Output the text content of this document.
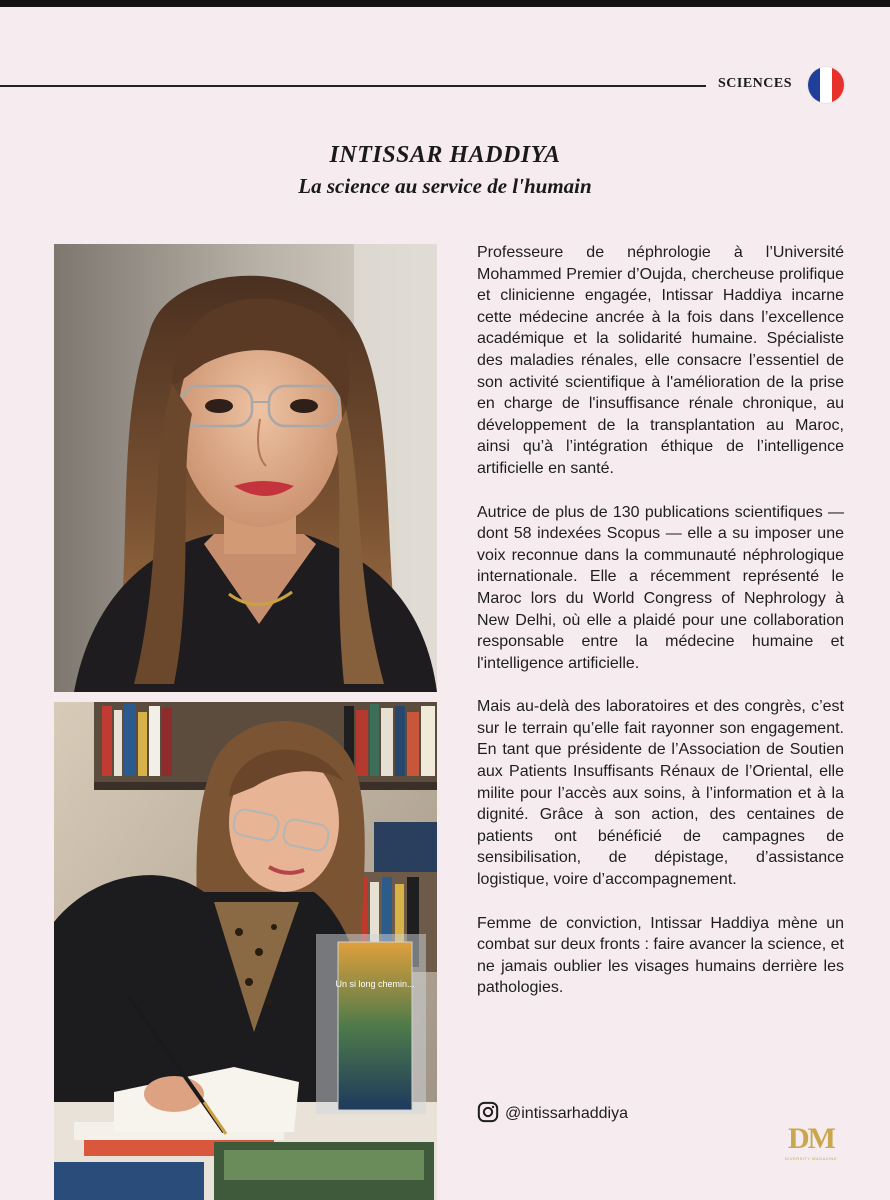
SCIENCES
INTISSAR HADDIYA
La science au service de l'humain
Un si long chemin...

Professeure de néphrologie à l’Université Mohammed Premier d’Oujda, chercheuse prolifique et clinicienne engagée, Intissar Haddiya incarne cette médecine ancrée à la fois dans l’excellence académique et la solidarité humaine. Spécialiste des maladies rénales, elle consacre l’essentiel de son activité scientifique à l'amélioration de la prise en charge de l'insuffisance rénale chronique, au développement de la transplantation au Maroc, ainsi qu’à l’intégration éthique de l’intelligence artificielle en santé.

Autrice de plus de 130 publications scientifiques — dont 58 indexées Scopus — elle a su imposer une voix reconnue dans la communauté néphrologique internationale. Elle a récemment représenté le Maroc lors du World Congress of Nephrology à New Delhi, où elle a plaidé pour une collaboration responsable entre la médecine humaine et l'intelligence artificielle.

Mais au-delà des laboratoires et des congrès, c’est sur le terrain qu’elle fait rayonner son engagement. En tant que présidente de l’Association de Soutien aux Patients Insuffisants Rénaux de l’Oriental, elle milite pour l’accès aux soins, à l’information et à la dignité. Grâce à son action, des centaines de patients ont bénéficié de campagnes de sensibilisation, de dépistage, d’assistance logistique, voire d’accompagnement.

Femme de conviction, Intissar Haddiya mène un combat sur deux fronts : faire avancer la science, et ne jamais oublier les visages humains derrière les pathologies.

@intissarhaddiya
DM
DIVERSITY MAGAZINE
